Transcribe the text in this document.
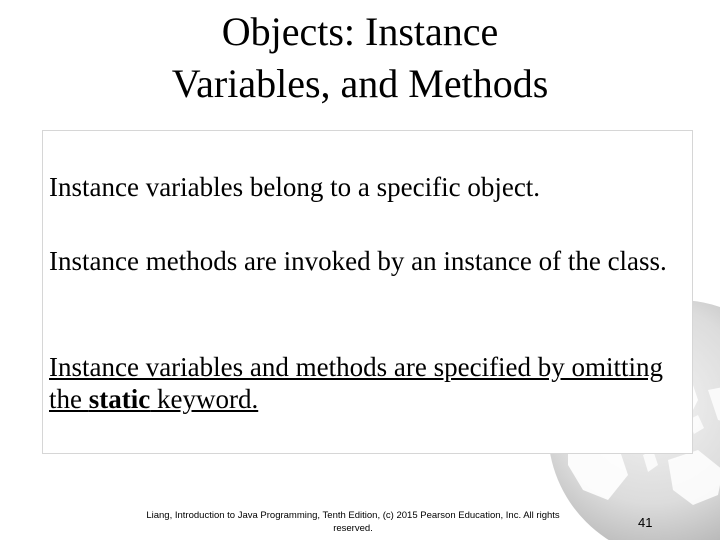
Objects: Instance
Variables, and Methods
Instance variables belong to a specific object.
Instance methods are invoked by an instance of the class.
Instance variables and methods are specified by omitting the static keyword.
Liang, Introduction to Java Programming, Tenth Edition, (c) 2015 Pearson Education, Inc. All rights reserved.	41
